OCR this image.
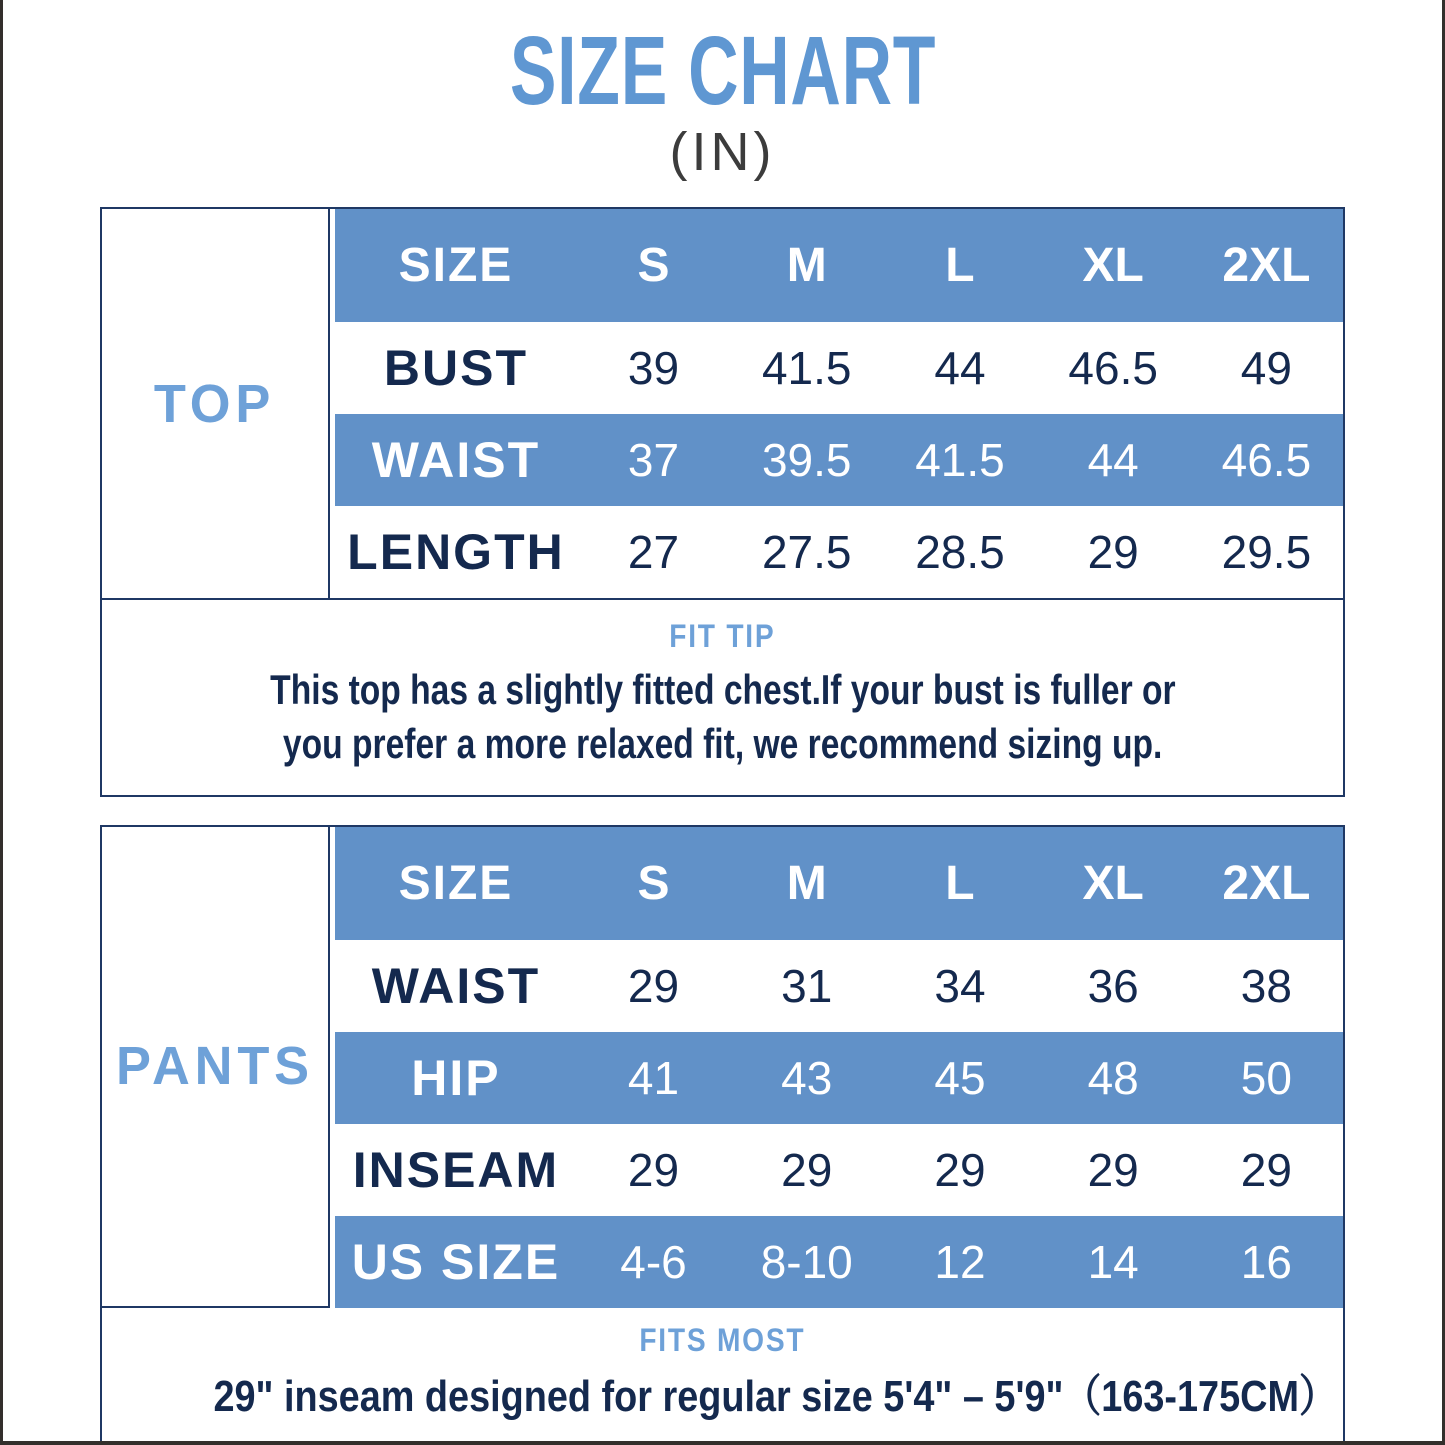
SIZE CHART
(IN)
TOP
SIZE	S	M	L	XL	2XL
BUST	39	41.5	44	46.5	49
WAIST	37	39.5	41.5	44	46.5
LENGTH	27	27.5	28.5	29	29.5
FIT TIP
This top has a slightly fitted chest.If your bust is fuller or
you prefer a more relaxed fit, we recommend sizing up.
PANTS
SIZE	S	M	L	XL	2XL
WAIST	29	31	34	36	38
HIP	41	43	45	48	50
INSEAM	29	29	29	29	29
US SIZE	4-6	8-10	12	14	16
FITS MOST
29" inseam designed for regular size 5'4" – 5'9"（163-175CM）
